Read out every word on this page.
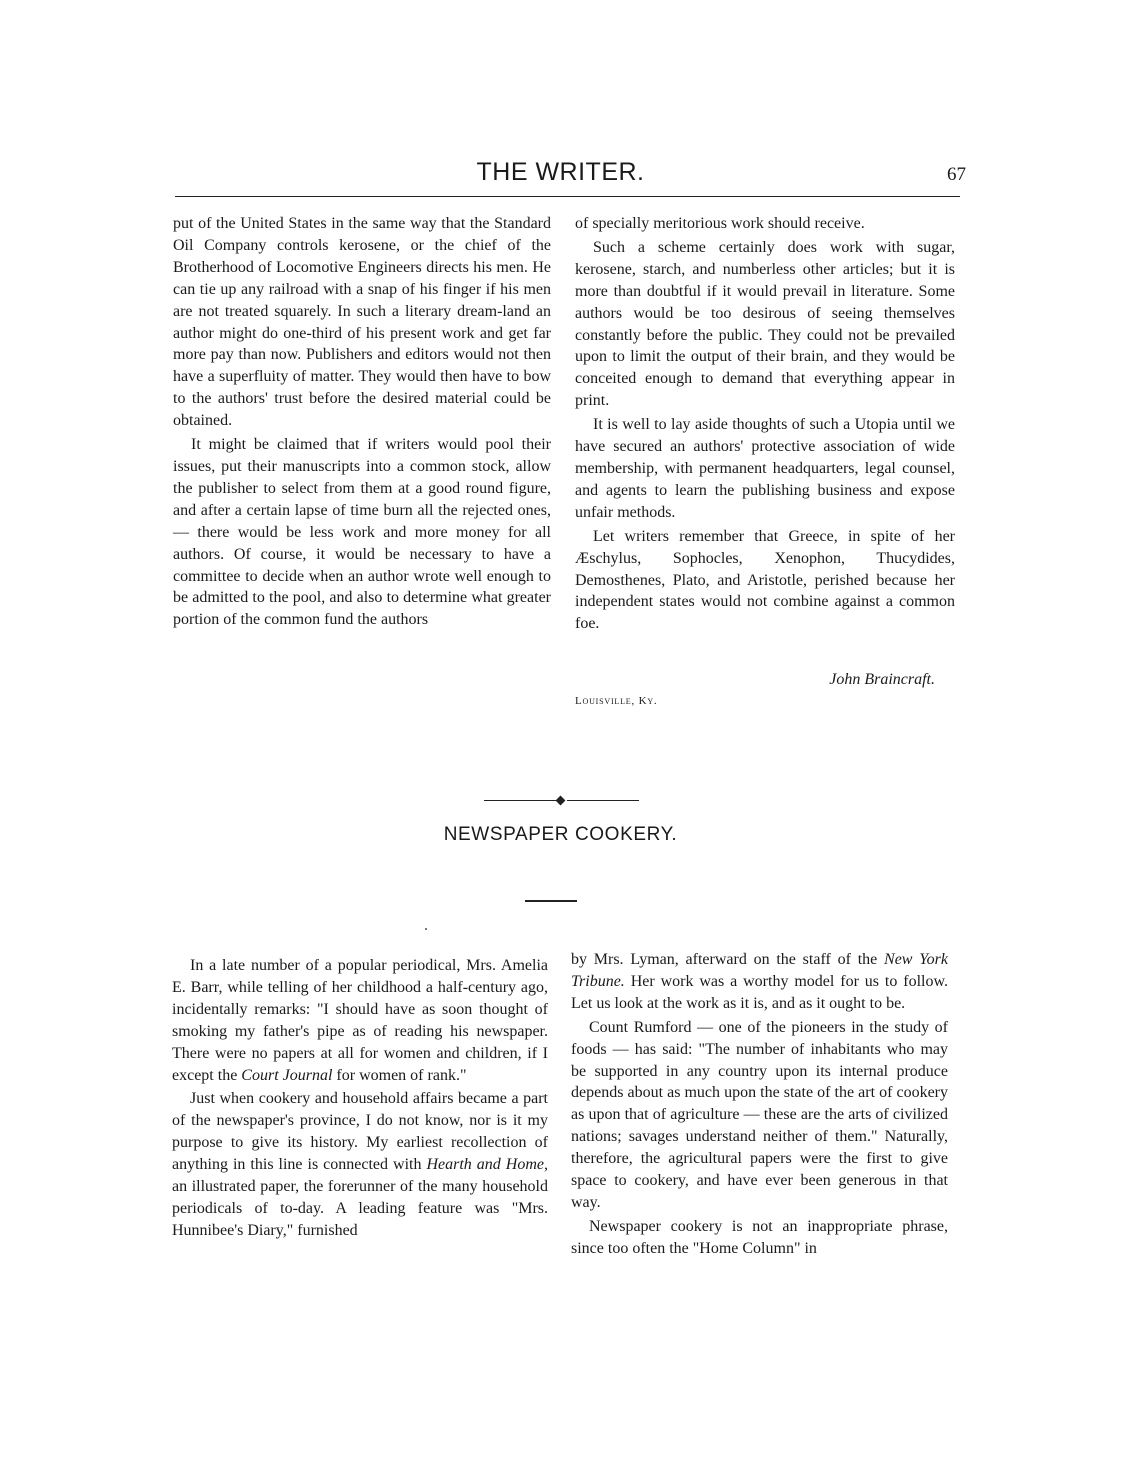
THE WRITER.	67

put of the United States in the same way that the Standard Oil Company controls kerosene, or the chief of the Brotherhood of Locomotive Engineers directs his men. He can tie up any railroad with a snap of his finger if his men are not treated squarely. In such a literary dream-land an author might do one-third of his present work and get far more pay than now. Publishers and editors would not then have a superfluity of matter. They would then have to bow to the authors' trust before the desired material could be obtained.

It might be claimed that if writers would pool their issues, put their manuscripts into a common stock, allow the publisher to select from them at a good round figure, and after a certain lapse of time burn all the rejected ones, — there would be less work and more money for all authors. Of course, it would be necessary to have a committee to decide when an author wrote well enough to be admitted to the pool, and also to determine what greater portion of the common fund the authors

of specially meritorious work should receive.

Such a scheme certainly does work with sugar, kerosene, starch, and numberless other articles; but it is more than doubtful if it would prevail in literature. Some authors would be too desirous of seeing themselves constantly before the public. They could not be prevailed upon to limit the output of their brain, and they would be conceited enough to demand that everything appear in print.

It is well to lay aside thoughts of such a Utopia until we have secured an authors' protective association of wide membership, with permanent headquarters, legal counsel, and agents to learn the publishing business and expose unfair methods.

Let writers remember that Greece, in spite of her Æschylus, Sophocles, Xenophon, Thucydides, Demosthenes, Plato, and Aristotle, perished because her independent states would not combine against a common foe.

John Braincraft.
Louisville, Ky.
NEWSPAPER COOKERY.

In a late number of a popular periodical, Mrs. Amelia E. Barr, while telling of her childhood a half-century ago, incidentally remarks: "I should have as soon thought of smoking my father's pipe as of reading his newspaper. There were no papers at all for women and children, if I except the Court Journal for women of rank."

Just when cookery and household affairs became a part of the newspaper's province, I do not know, nor is it my purpose to give its history. My earliest recollection of anything in this line is connected with Hearth and Home, an illustrated paper, the forerunner of the many household periodicals of to-day. A leading feature was "Mrs. Hunnibee's Diary," furnished

by Mrs. Lyman, afterward on the staff of the New York Tribune. Her work was a worthy model for us to follow. Let us look at the work as it is, and as it ought to be.

Count Rumford — one of the pioneers in the study of foods — has said: "The number of inhabitants who may be supported in any country upon its internal produce depends about as much upon the state of the art of cookery as upon that of agriculture — these are the arts of civilized nations; savages understand neither of them." Naturally, therefore, the agricultural papers were the first to give space to cookery, and have ever been generous in that way.

Newspaper cookery is not an inappropriate phrase, since too often the "Home Column" in
